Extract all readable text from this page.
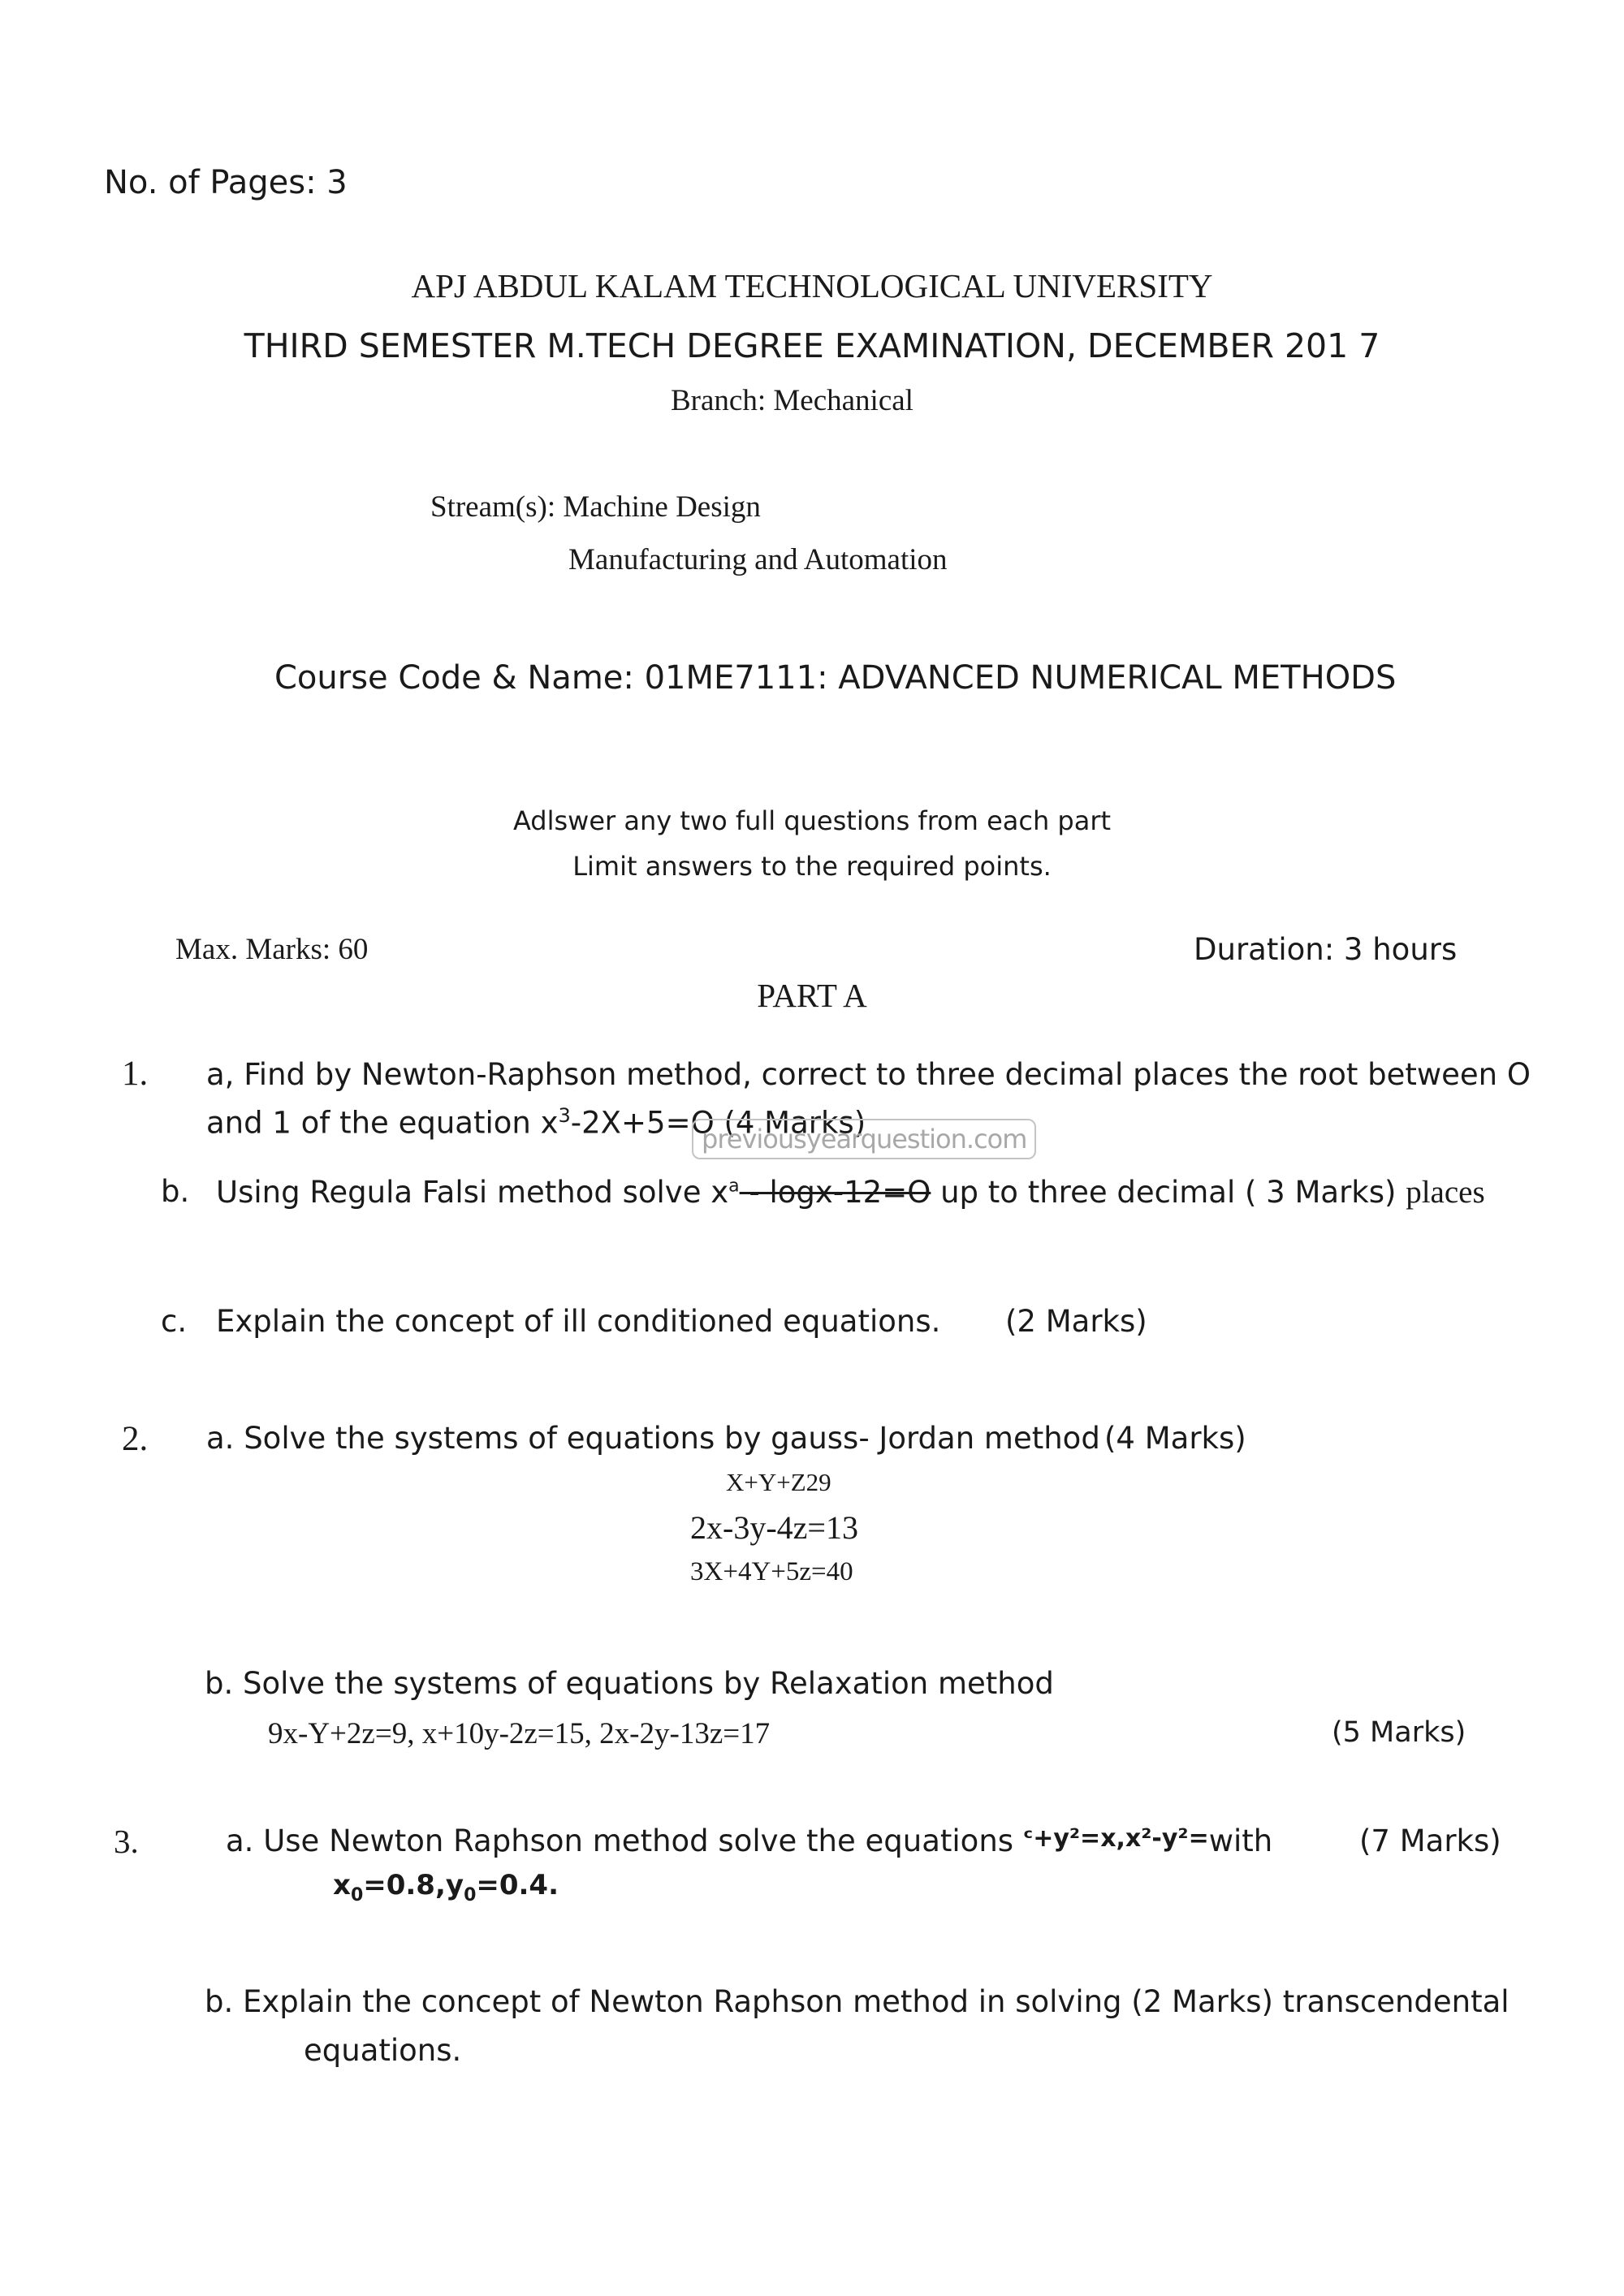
No. of Pages: 3
APJ ABDUL KALAM TECHNOLOGICAL UNIVERSITY
THIRD SEMESTER M.TECH DEGREE EXAMINATION, DECEMBER 201 7
Branch: Mechanical
Stream(s): Machine Design
Manufacturing and Automation
Course Code & Name: 01ME7111: ADVANCED NUMERICAL METHODS
Adlswer any two full questions from each part
Limit answers to the required points.
Max. Marks: 60	Duration: 3 hours
PART A
1. a, Find by Newton-Raphson method, correct to three decimal places the root between O
and 1 of the equation $x^3-2X+5=O$ (4 Marks)
previousyearquestion.com
b. Using Regula Falsi method solve $x^a - \log x-12=O$ up to three decimal ( 3 Marks) places
c. Explain the concept of ill conditioned equations. (2 Marks)
2. a. Solve the systems of equations by gauss- Jordan method (4 Marks)
X+Y+Z29
2x-3y-4z=13
3X+4Y+5z=40
b. Solve the systems of equations by Relaxation method
9x-Y+2z=9, x+10y-2z=15, 2x-2y-13z=17	(5 Marks)
3.	a. Use Newton Raphson method solve the equations ᶜ+y²=x,x²-y²=with	(7 Marks)
$x_0=0.8,y_0=0.4$.
b. Explain the concept of Newton Raphson method in solving (2 Marks) transcendental
equations.
